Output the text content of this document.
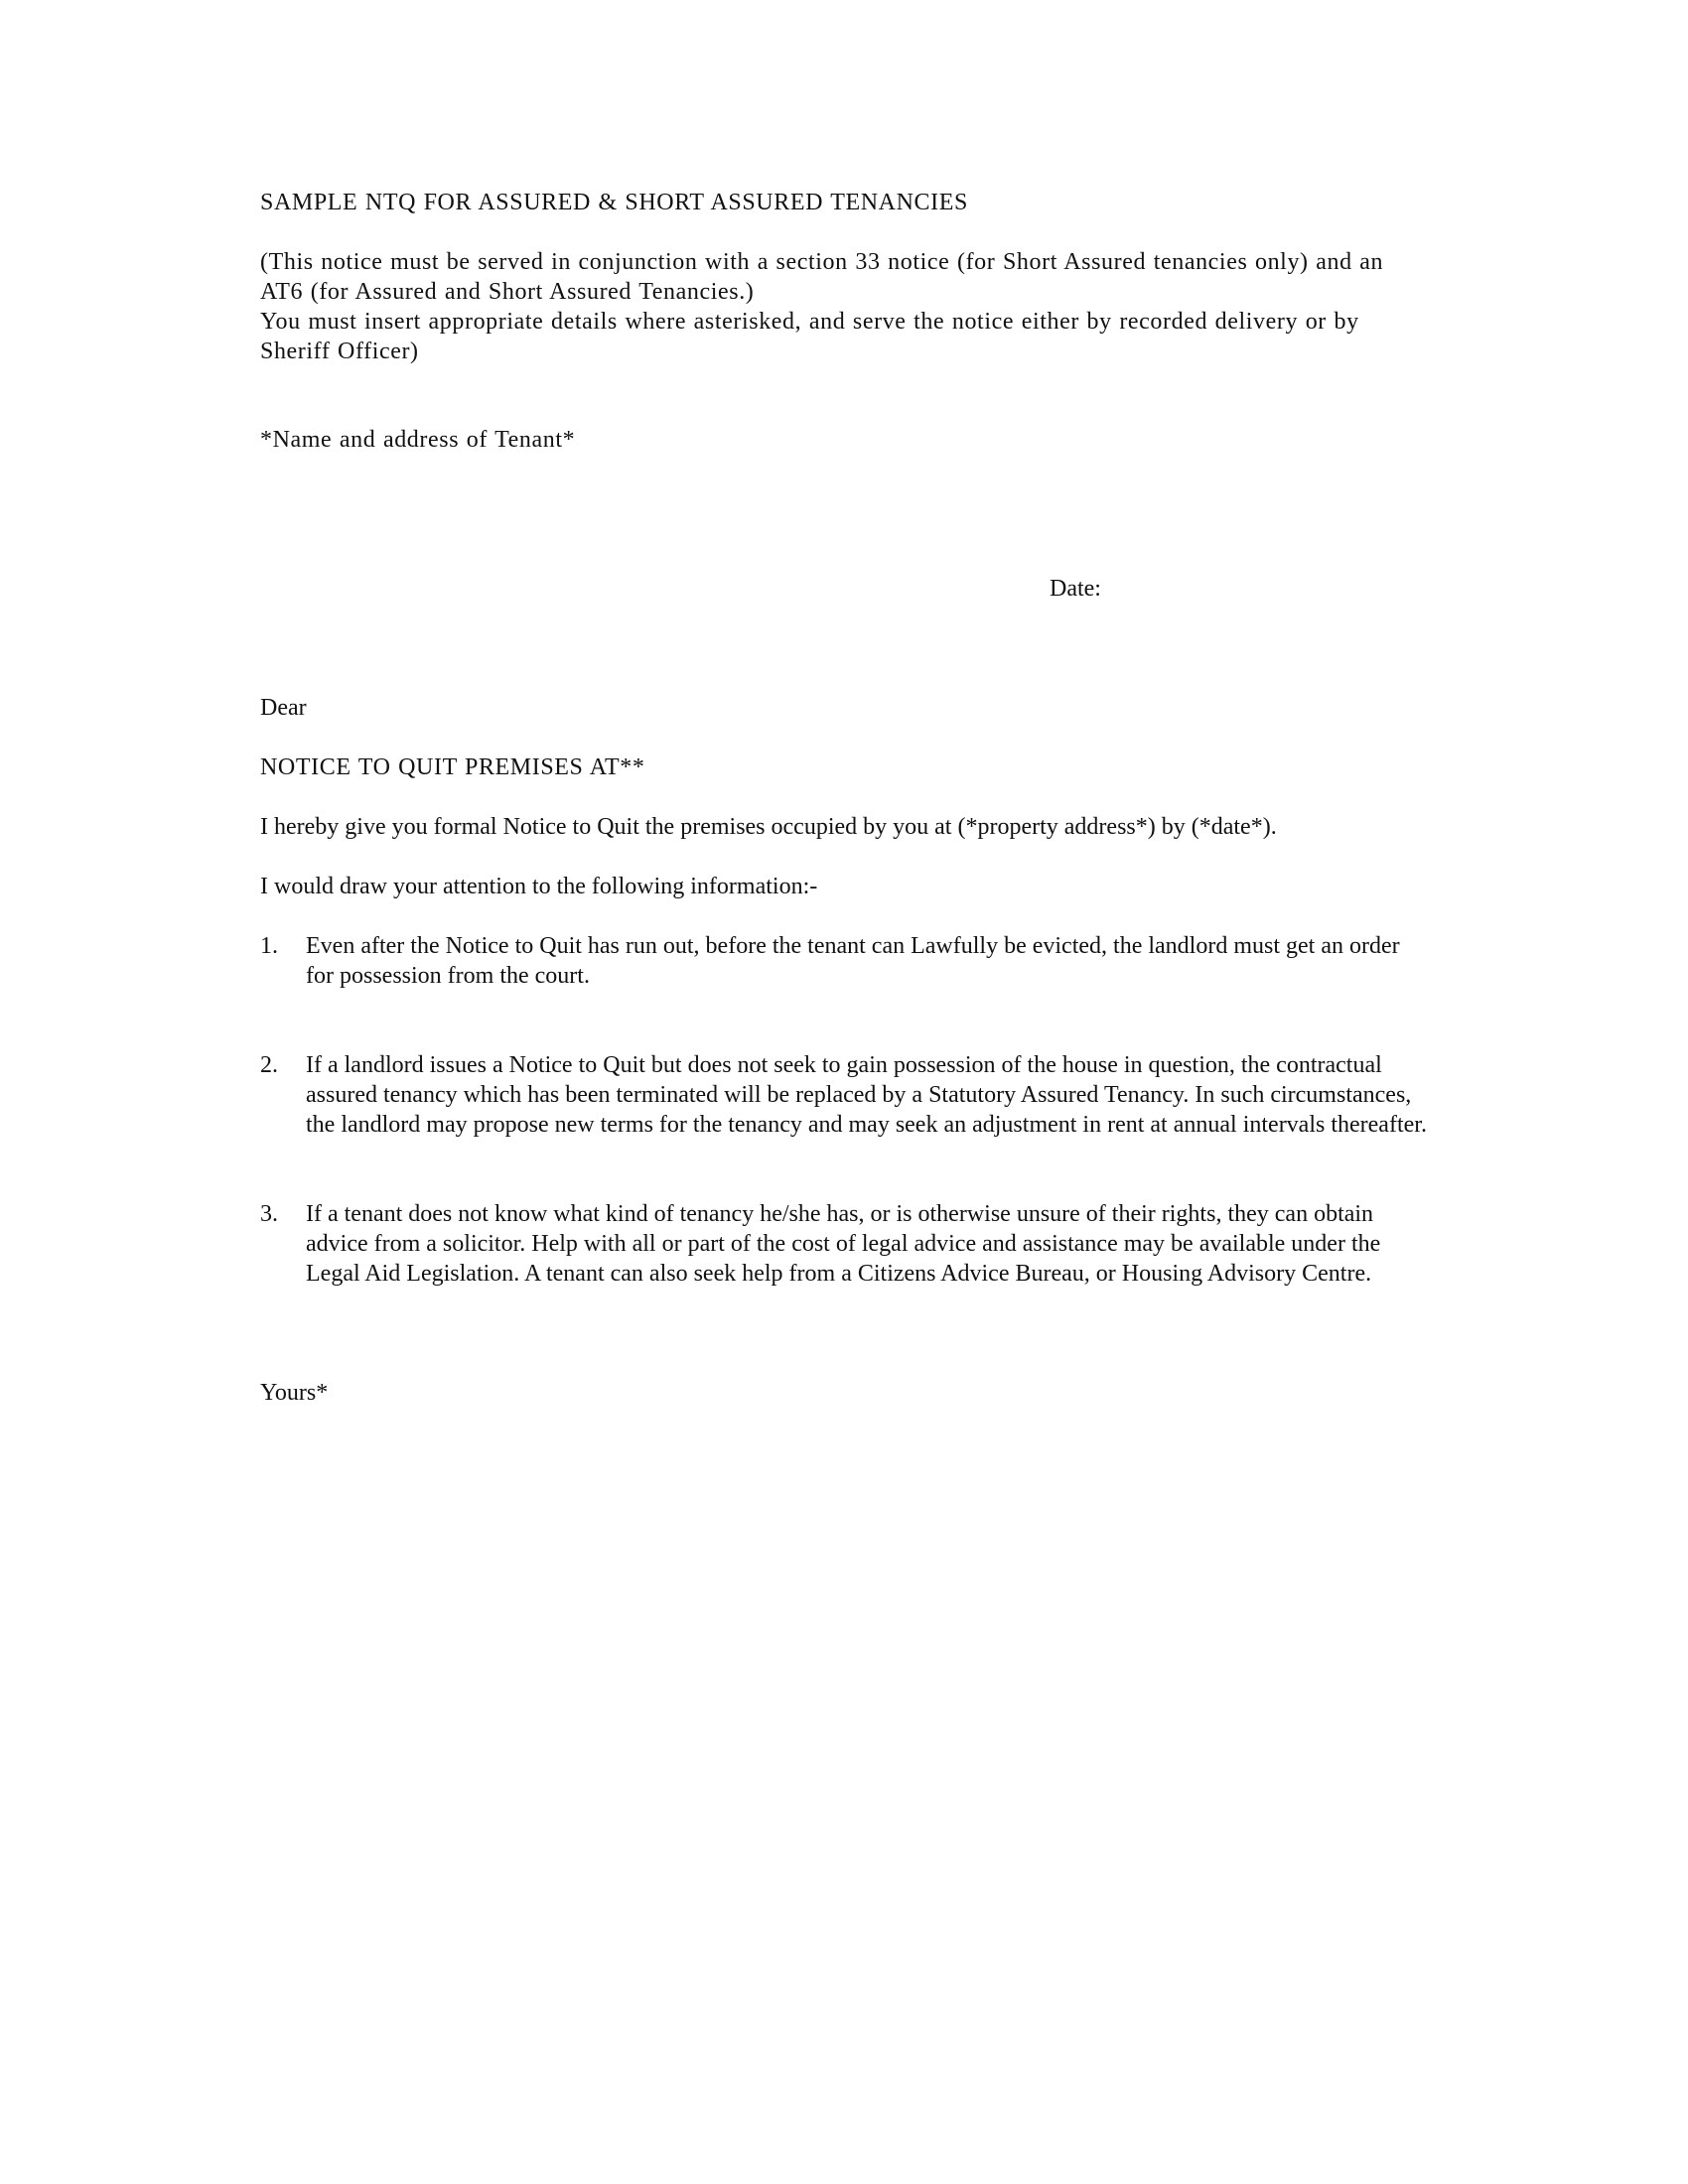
SAMPLE NTQ FOR ASSURED & SHORT ASSURED TENANCIES

(This notice must be served in conjunction with a section 33 notice (for Short Assured tenancies only) and an AT6 (for Assured and Short Assured Tenancies.)

You must insert appropriate details where asterisked, and serve the notice either by recorded delivery or by Sheriff Officer)

*Name and address of Tenant*
Date:
Dear
NOTICE TO QUIT PREMISES AT**
I hereby give you formal Notice to Quit the premises occupied by you at (*property address*) by (*date*).
I would draw your attention to the following information:-
1.	Even after the Notice to Quit has run out, before the tenant can Lawfully be evicted, the landlord must get an order for possession from the court.
2.	If a landlord issues a Notice to Quit but does not seek to gain possession of the house in question, the contractual assured tenancy which has been terminated will be replaced by a Statutory Assured Tenancy. In such circumstances, the landlord may propose new terms for the tenancy and may seek an adjustment in rent at annual intervals thereafter.
3.	If a tenant does not know what kind of tenancy he/she has, or is otherwise unsure of their rights, they can obtain advice from a solicitor. Help with all or part of the cost of legal advice and assistance may be available under the Legal Aid Legislation. A tenant can also seek help from a Citizens Advice Bureau, or Housing Advisory Centre.
Yours*
